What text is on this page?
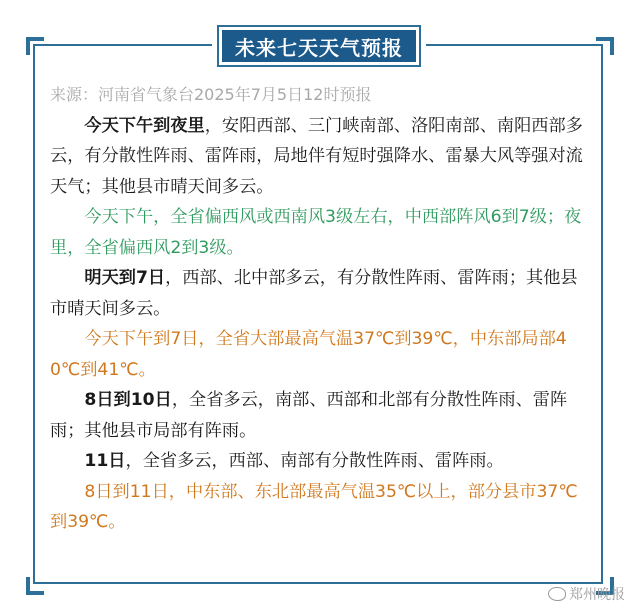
未来七天天气预报
来源：河南省气象台2025年7月5日12时预报

今天下午到夜里，安阳西部、三门峡南部、洛阳南部、南阳西部多云，有分散性阵雨、雷阵雨，局地伴有短时强降水、雷暴大风等强对流天气；其他县市晴天间多云。

今天下午，全省偏西风或西南风3级左右，中西部阵风6到7级；夜里，全省偏西风2到3级。

明天到7日，西部、北中部多云，有分散性阵雨、雷阵雨；其他县市晴天间多云。

今天下午到7日，全省大部最高气温37℃到39℃，中东部局部40℃到41℃。

8日到10日，全省多云，南部、西部和北部有分散性阵雨、雷阵雨；其他县市局部有阵雨。

11日，全省多云，西部、南部有分散性阵雨、雷阵雨。

8日到11日，中东部、东北部最高气温35℃以上，部分县市37℃到39℃。

郑州晚报
